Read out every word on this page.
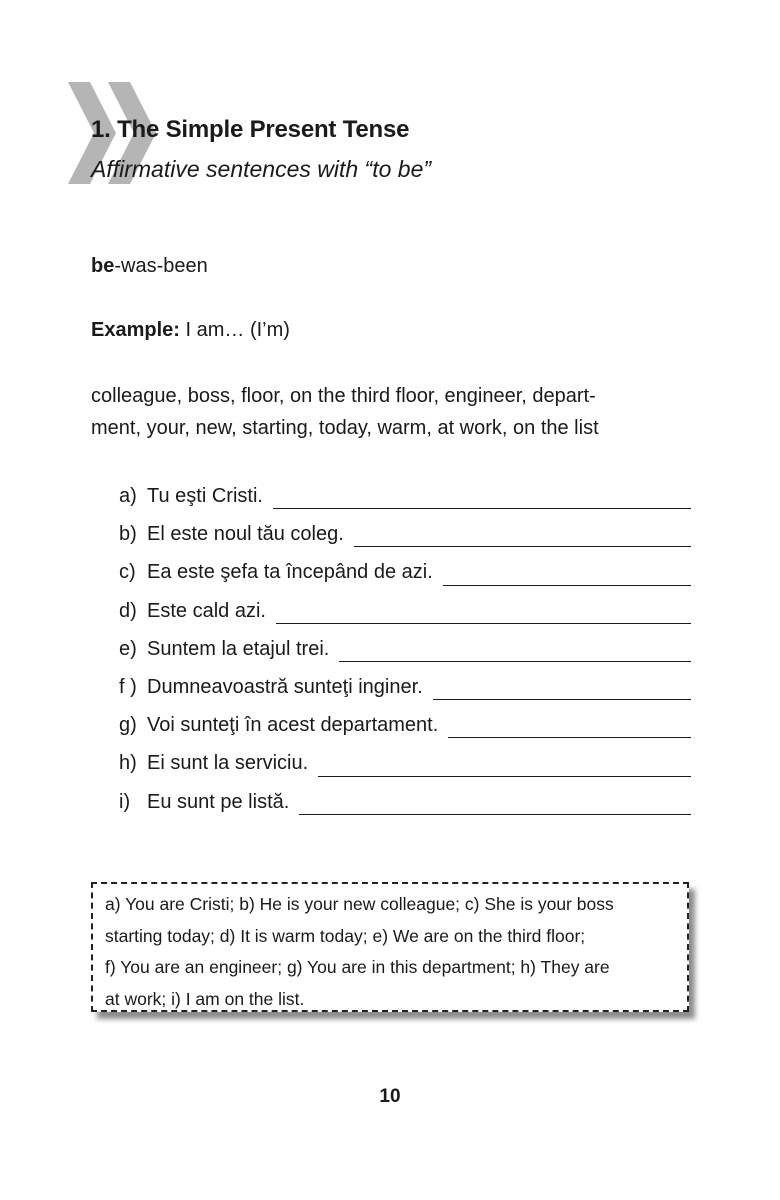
1. The Simple Present Tense
Affirmative sentences with “to be”
be-was-been
Example: I am… (I’m)
colleague, boss, floor, on the third floor, engineer, depart-
ment, your, new, starting, today, warm, at work, on the list
a) Tu eşti Cristi.
b) El este noul tău coleg.
c) Ea este şefa ta începând de azi.
d) Este cald azi.
e) Suntem la etajul trei.
f ) Dumneavoastră sunteţi inginer.
g) Voi sunteţi în acest departament.
h) Ei sunt la serviciu.
i) Eu sunt pe listă.
a) You are Cristi; b) He is your new colleague; c) She is your boss
starting today; d) It is warm today; e) We are on the third floor;
f) You are an engineer; g) You are in this department; h) They are
at work; i) I am on the list.
10
